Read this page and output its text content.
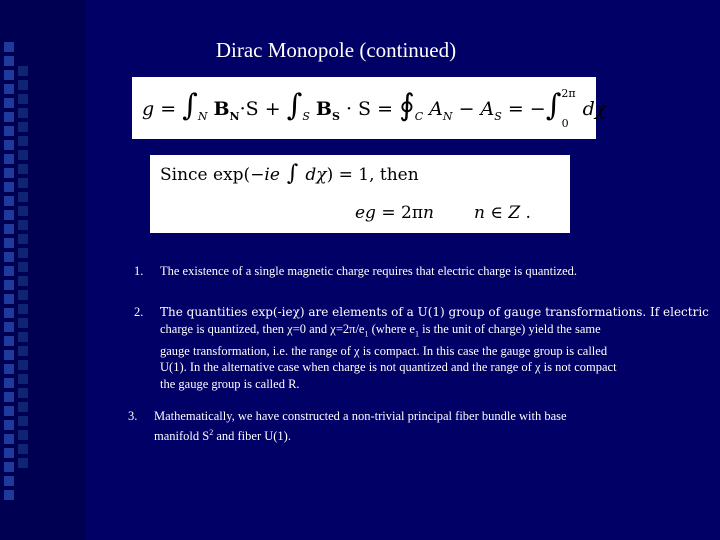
Dirac Monopole (continued)
$g = \int_N$ $B_N\cdot S + \int_S$ $B_S \cdot S$ = $∮_C$ $A_N - A_S = -\int^{2\pi}_0d\chi$
Since exp(−ie ∫ dχ) = 1, then
eg = 2πn n ∈ Z .
1. The existence of a single magnetic charge requires that electric charge is quantized.
2. The quantities exp(-ieχ) are elements of a U(1) group of gauge transformations. If electric
charge is quantized, then χ=0 and $\chi=2\pi/e_1$ (where $e_1$ is the unit of charge) yield the same
gauge transformation, i.e. the range of χ is compact. In this case the gauge group is called
U(1). In the alternative case when charge is not quantized and the range of χ is not compact
the gauge group is called R.
3. Mathematically, we have constructed a non-trivial principal fiber bundle with base
manifold $S^2$ and fiber U(1).
